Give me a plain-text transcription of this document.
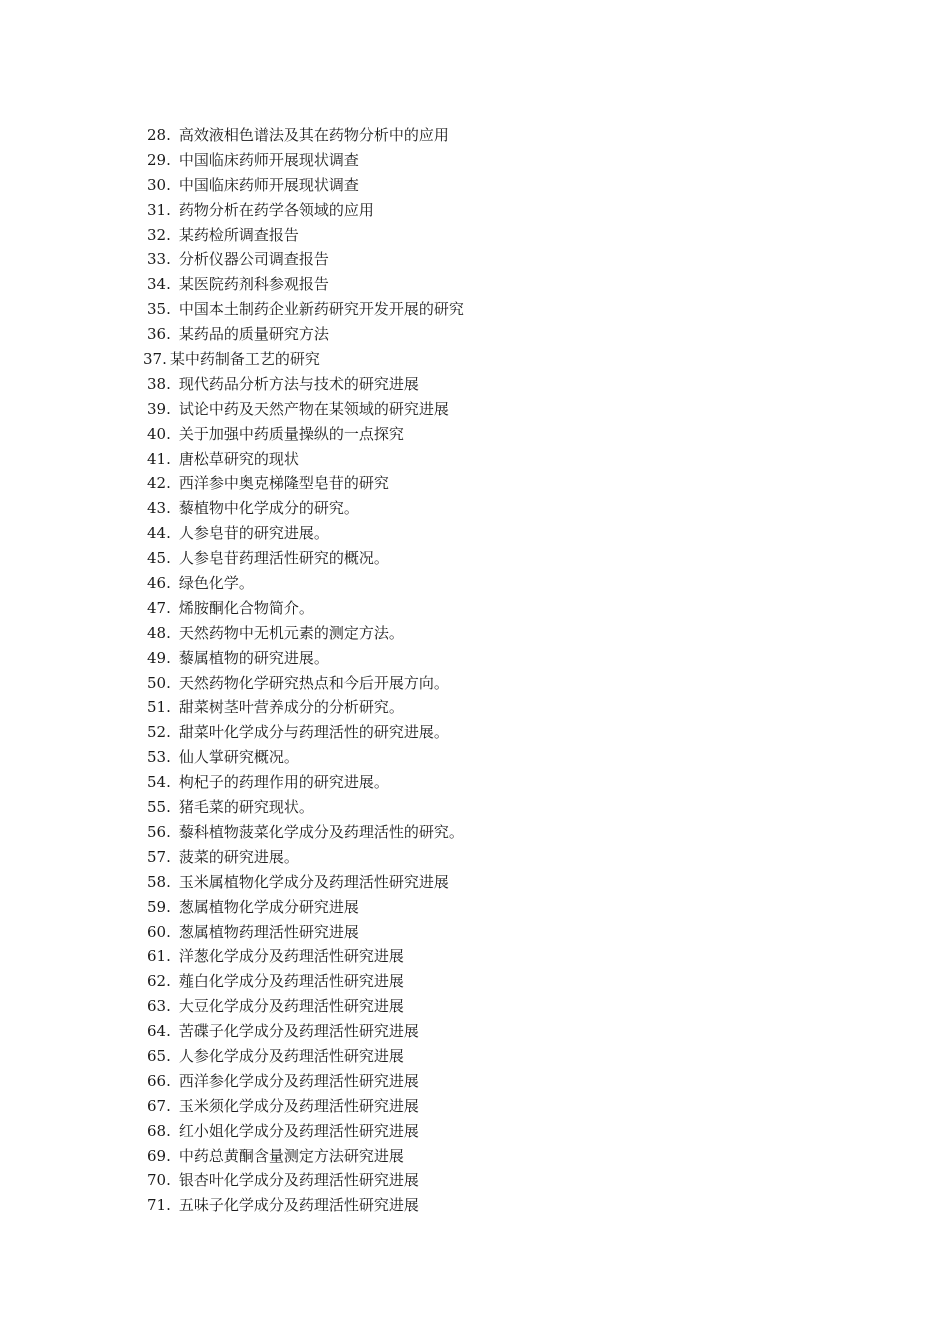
28. 高效液相色谱法及其在药物分析中的应用
29. 中国临床药师开展现状调查
30. 中国临床药师开展现状调查
31. 药物分析在药学各领域的应用
32. 某药检所调查报告
33. 分析仪器公司调查报告
34. 某医院药剂科参观报告
35. 中国本土制药企业新药研究开发开展的研究
36. 某药品的质量研究方法
37. 某中药制备工艺的研究
38. 现代药品分析方法与技术的研究进展
39. 试论中药及天然产物在某领域的研究进展
40. 关于加强中药质量操纵的一点探究
41. 唐松草研究的现状
42. 西洋参中奥克梯隆型皂苷的研究
43. 藜植物中化学成分的研究。
44. 人参皂苷的研究进展。
45. 人参皂苷药理活性研究的概况。
46. 绿色化学。
47. 烯胺酮化合物简介。
48. 天然药物中无机元素的测定方法。
49. 藜属植物的研究进展。
50. 天然药物化学研究热点和今后开展方向。
51. 甜菜树茎叶营养成分的分析研究。
52. 甜菜叶化学成分与药理活性的研究进展。
53. 仙人掌研究概况。
54. 枸杞子的药理作用的研究进展。
55. 猪毛菜的研究现状。
56. 藜科植物菠菜化学成分及药理活性的研究。
57. 菠菜的研究进展。
58. 玉米属植物化学成分及药理活性研究进展
59. 葱属植物化学成分研究进展
60. 葱属植物药理活性研究进展
61. 洋葱化学成分及药理活性研究进展
62. 薤白化学成分及药理活性研究进展
63. 大豆化学成分及药理活性研究进展
64. 苦碟子化学成分及药理活性研究进展
65. 人参化学成分及药理活性研究进展
66. 西洋参化学成分及药理活性研究进展
67. 玉米须化学成分及药理活性研究进展
68. 红小姐化学成分及药理活性研究进展
69. 中药总黄酮含量测定方法研究进展
70. 银杏叶化学成分及药理活性研究进展
71. 五味子化学成分及药理活性研究进展
